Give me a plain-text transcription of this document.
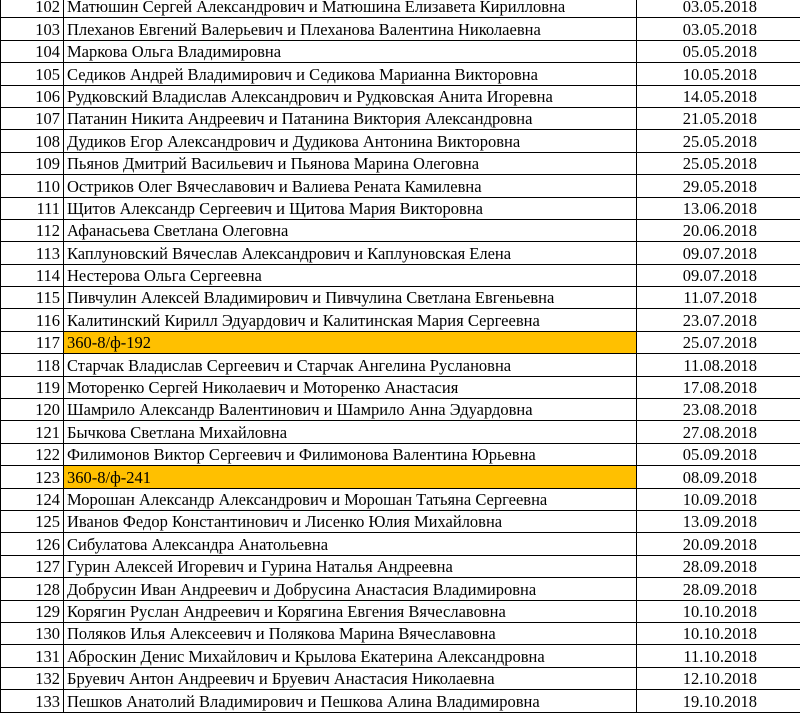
102	Матюшин Сергей Александрович и Матюшина Елизавета Кирилловна	03.05.2018
103	Плеханов Евгений Валерьевич и Плеханова Валентина Николаевна	03.05.2018
104	Маркова Ольга Владимировна	05.05.2018
105	Седиков Андрей Владимирович и Седикова Марианна Викторовна	10.05.2018
106	Рудковский Владислав Александрович и Рудковская Анита Игоревна	14.05.2018
107	Патанин Никита Андреевич и Патанина Виктория Александровна	21.05.2018
108	Дудиков Егор Александрович и Дудикова Антонина Викторовна	25.05.2018
109	Пьянов Дмитрий Васильевич и Пьянова Марина Олеговна	25.05.2018
110	Остриков Олег Вячеславович и Валиева Рената Камилевна	29.05.2018
111	Щитов Александр Сергеевич и Щитова Мария Викторовна	13.06.2018
112	Афанасьева Светлана Олеговна	20.06.2018
113	Каплуновский Вячеслав Александрович и Каплуновская Елена	09.07.2018
114	Нестерова Ольга Сергеевна	09.07.2018
115	Пивчулин Алексей Владимирович и Пивчулина Светлана Евгеньевна	11.07.2018
116	Калитинский Кирилл Эдуардович и Калитинская Мария Сергеевна	23.07.2018
117	360-8/ф-192	25.07.2018
118	Старчак Владислав Сергеевич и Старчак Ангелина Руслановна	11.08.2018
119	Моторенко Сергей Николаевич и Моторенко Анастасия	17.08.2018
120	Шамрило Александр Валентинович и Шамрило Анна Эдуардовна	23.08.2018
121	Бычкова Светлана Михайловна	27.08.2018
122	Филимонов Виктор Сергеевич и Филимонова Валентина Юрьевна	05.09.2018
123	360-8/ф-241	08.09.2018
124	Морошан Александр Александрович и Морошан Татьяна Сергеевна	10.09.2018
125	Иванов Федор Константинович и Лисенко Юлия Михайловна	13.09.2018
126	Сибулатова Александра Анатольевна	20.09.2018
127	Гурин Алексей Игоревич и Гурина Наталья Андреевна	28.09.2018
128	Добрусин Иван Андреевич и Добрусина Анастасия Владимировна	28.09.2018
129	Корягин Руслан Андреевич и Корягина Евгения Вячеславовна	10.10.2018
130	Поляков Илья Алексеевич и Полякова Марина Вячеславовна	10.10.2018
131	Аброскин Денис Михайлович и Крылова Екатерина Александровна	11.10.2018
132	Бруевич Антон Андреевич и Бруевич Анастасия Николаевна	12.10.2018
133	Пешков Анатолий Владимирович и Пешкова Алина Владимировна	19.10.2018
